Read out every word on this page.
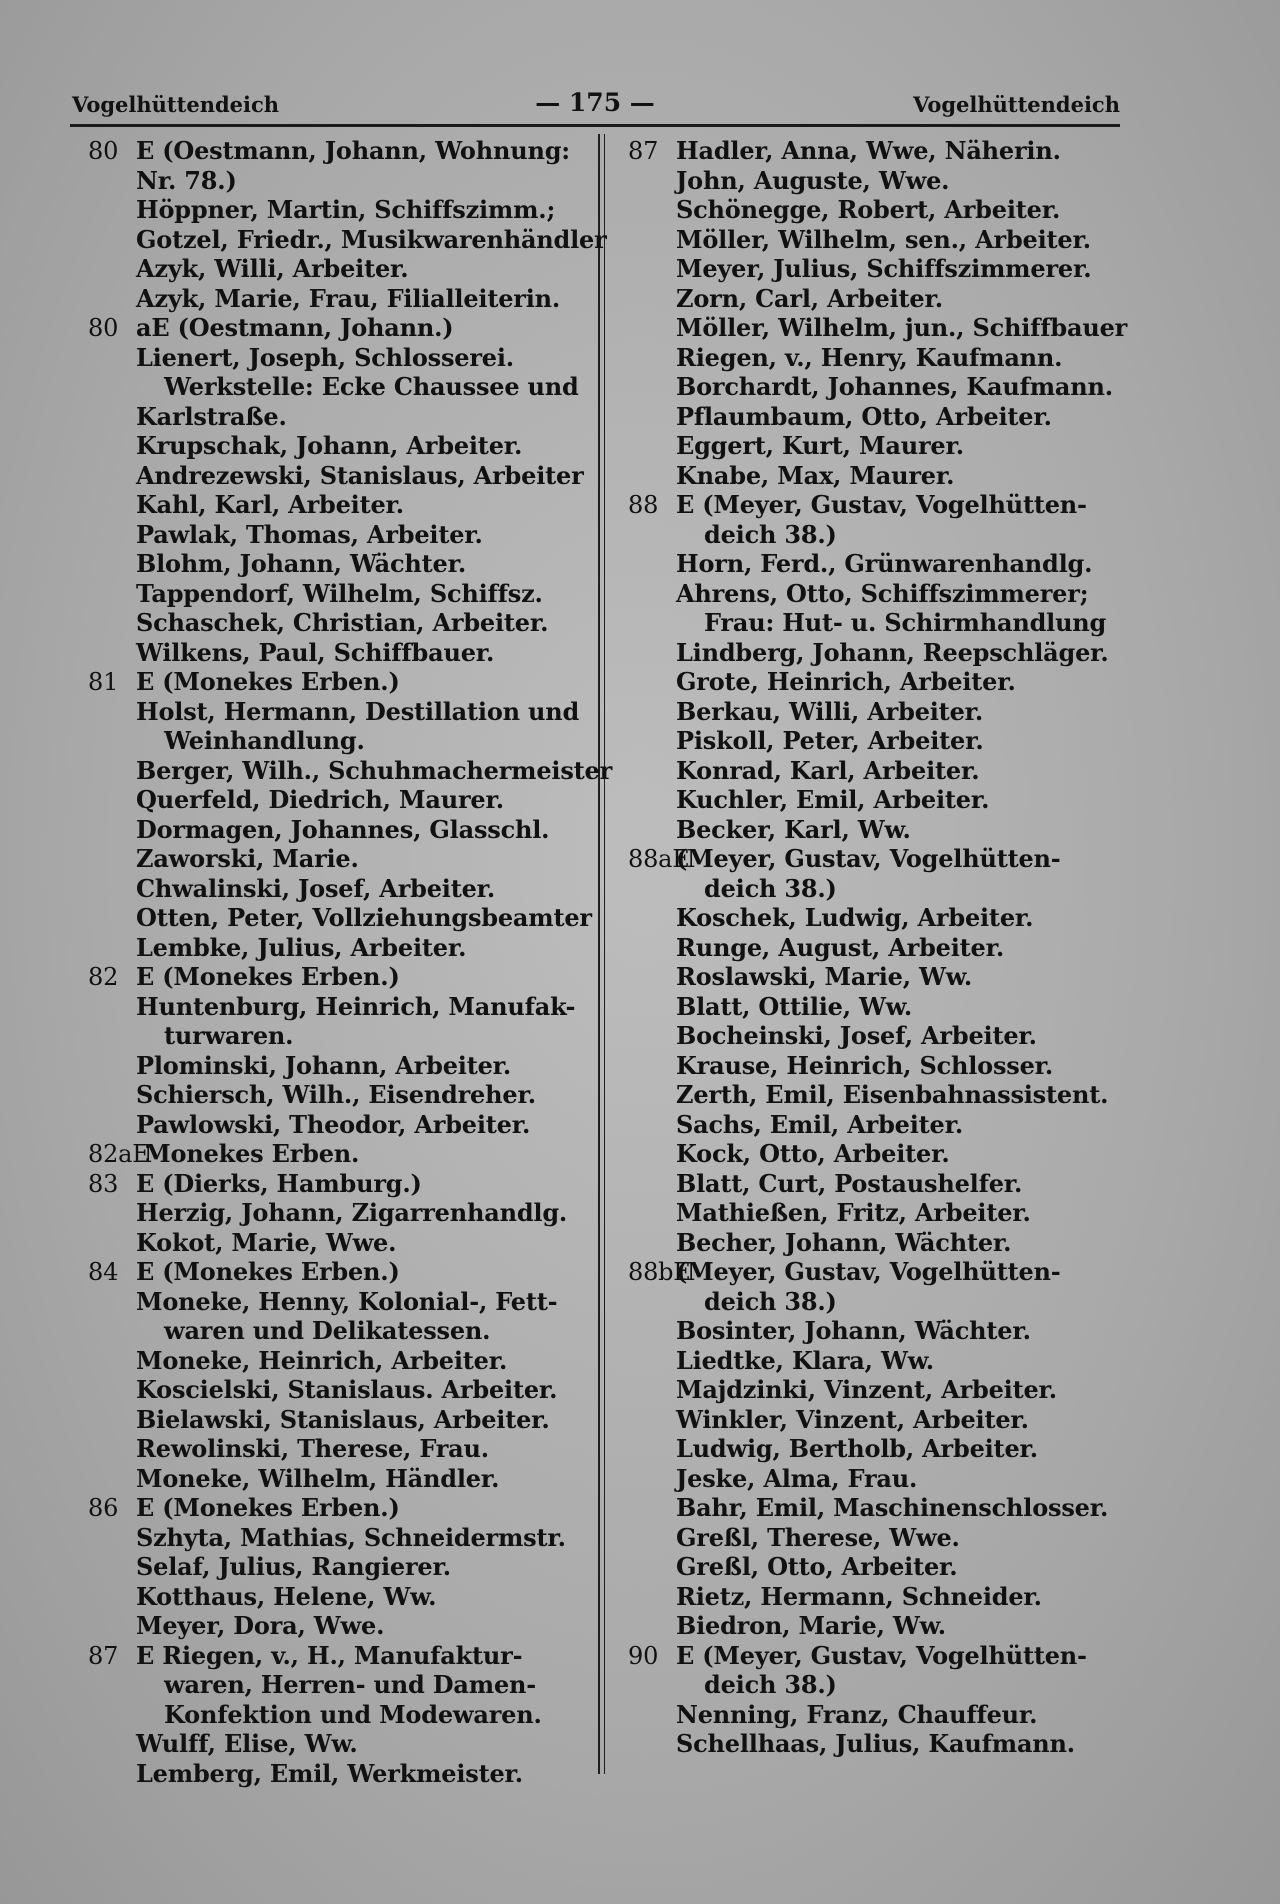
Vogelhüttendeich	— 175 —	Vogelhüttendeich
80 E (Oestmann, Johann, Wohnung:
Nr. 78.)
Höppner, Martin, Schiffszimm.;
Gotzel, Friedr., Musikwarenhändler
Azyk, Willi, Arbeiter.
Azyk, Marie, Frau, Filialleiterin.
80 aE (Oestmann, Johann.)
Lienert, Joseph, Schlosserei.
Werkstelle: Ecke Chaussee und
Karlstraße.
Krupschak, Johann, Arbeiter.
Andrezewski, Stanislaus, Arbeiter
Kahl, Karl, Arbeiter.
Pawlak, Thomas, Arbeiter.
Blohm, Johann, Wächter.
Tappendorf, Wilhelm, Schiffsz.
Schaschek, Christian, Arbeiter.
Wilkens, Paul, Schiffbauer.
81 E (Monekes Erben.)
Holst, Hermann, Destillation und
Weinhandlung.
Berger, Wilh., Schuhmachermeister
Querfeld, Diedrich, Maurer.
Dormagen, Johannes, Glasschl.
Zaworski, Marie.
Chwalinski, Josef, Arbeiter.
Otten, Peter, Vollziehungsbeamter
Lembke, Julius, Arbeiter.
82 E (Monekes Erben.)
Huntenburg, Heinrich, Manufak-
turwaren.
Plominski, Johann, Arbeiter.
Schiersch, Wilh., Eisendreher.
Pawlowski, Theodor, Arbeiter.
82aE Monekes Erben.
83 E (Dierks, Hamburg.)
Herzig, Johann, Zigarrenhandlg.
Kokot, Marie, Wwe.
84 E (Monekes Erben.)
Moneke, Henny, Kolonial-, Fett-
waren und Delikatessen.
Moneke, Heinrich, Arbeiter.
Koscielski, Stanislaus. Arbeiter.
Bielawski, Stanislaus, Arbeiter.
Rewolinski, Therese, Frau.
Moneke, Wilhelm, Händler.
86 E (Monekes Erben.)
Szhyta, Mathias, Schneidermstr.
Selaf, Julius, Rangierer.
Kotthaus, Helene, Ww.
Meyer, Dora, Wwe.
87 E Riegen, v., H., Manufaktur-
waren, Herren- und Damen-
Konfektion und Modewaren.
Wulff, Elise, Ww.
Lemberg, Emil, Werkmeister.
87 Hadler, Anna, Wwe, Näherin.
John, Auguste, Wwe.
Schönegge, Robert, Arbeiter.
Möller, Wilhelm, sen., Arbeiter.
Meyer, Julius, Schiffszimmerer.
Zorn, Carl, Arbeiter.
Möller, Wilhelm, jun., Schiffbauer
Riegen, v., Henry, Kaufmann.
Borchardt, Johannes, Kaufmann.
Pflaumbaum, Otto, Arbeiter.
Eggert, Kurt, Maurer.
Knabe, Max, Maurer.
88 E (Meyer, Gustav, Vogelhütten-
deich 38.)
Horn, Ferd., Grünwarenhandlg.
Ahrens, Otto, Schiffszimmerer;
Frau: Hut- u. Schirmhandlung
Lindberg, Johann, Reepschläger.
Grote, Heinrich, Arbeiter.
Berkau, Willi, Arbeiter.
Piskoll, Peter, Arbeiter.
Konrad, Karl, Arbeiter.
Kuchler, Emil, Arbeiter.
Becker, Karl, Ww.
88aE(Meyer, Gustav, Vogelhütten-
deich 38.)
Koschek, Ludwig, Arbeiter.
Runge, August, Arbeiter.
Roslawski, Marie, Ww.
Blatt, Ottilie, Ww.
Bocheinski, Josef, Arbeiter.
Krause, Heinrich, Schlosser.
Zerth, Emil, Eisenbahnassistent.
Sachs, Emil, Arbeiter.
Kock, Otto, Arbeiter.
Blatt, Curt, Postaushelfer.
Mathießen, Fritz, Arbeiter.
Becher, Johann, Wächter.
88bE(Meyer, Gustav, Vogelhütten-
deich 38.)
Bosinter, Johann, Wächter.
Liedtke, Klara, Ww.
Majdzinki, Vinzent, Arbeiter.
Winkler, Vinzent, Arbeiter.
Ludwig, Bertholb, Arbeiter.
Jeske, Alma, Frau.
Bahr, Emil, Maschinenschlosser.
Greßl, Therese, Wwe.
Greßl, Otto, Arbeiter.
Rietz, Hermann, Schneider.
Biedron, Marie, Ww.
90 E (Meyer, Gustav, Vogelhütten-
deich 38.)
Nenning, Franz, Chauffeur.
Schellhaas, Julius, Kaufmann.
